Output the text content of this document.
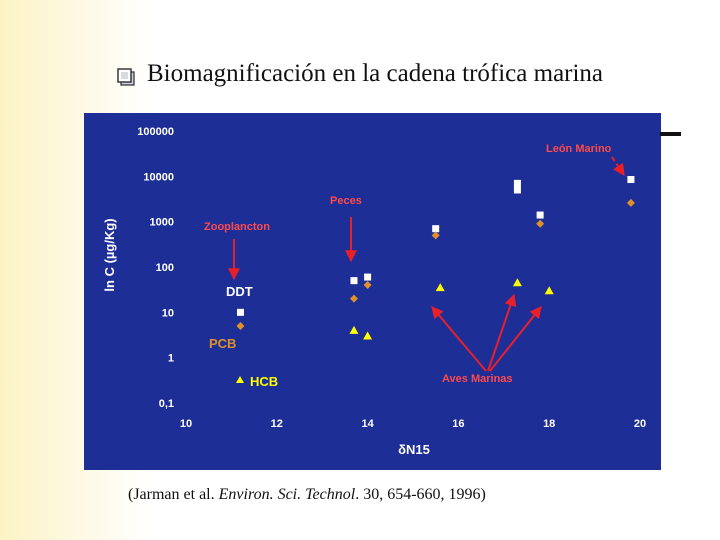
Biomagnificación en la cadena trófica marina
100000
10000
1000
100
10
1
0,1
10	12	14	16	18	20
δN15
ln C (µg/Kg)
León Marino
Peces
Zooplancton
Aves Marinas
DDT
PCB
HCB
(Jarman et al. Environ. Sci. Technol. 30, 654-660, 1996)
